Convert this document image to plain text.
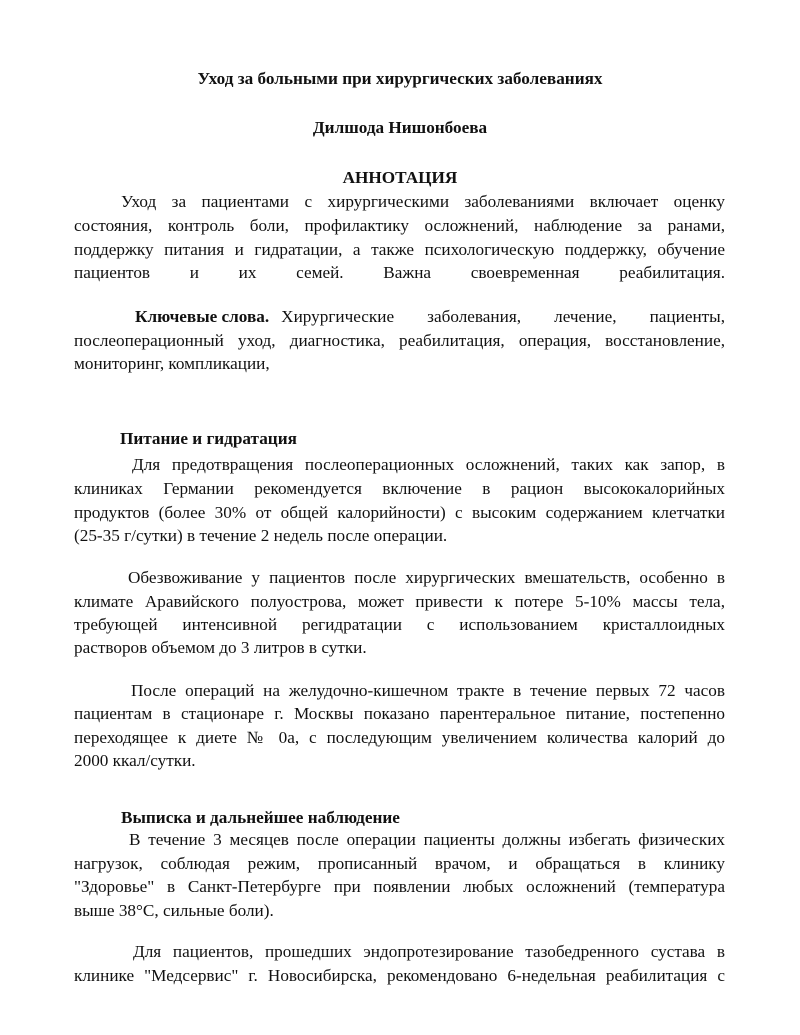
Уход за больными при хирургических заболеваниях
Дилшода Нишонбоева
АННОТАЦИЯ
Уход за пациентами с хирургическими заболеваниями включает оценку
состояния, контроль боли, профилактику осложнений, наблюдение за ранами,
поддержку питания и гидратации, а также психологическую поддержку, обучение
пациентов и их семей. Важна своевременная реабилитация.
Ключевые слова. Хирургические заболевания, лечение, пациенты,
послеоперационный уход, диагностика, реабилитация, операция, восстановление,
мониторинг, компликации,
Питание и гидратация
Для предотвращения послеоперационных осложнений, таких как запор, в
клиниках Германии рекомендуется включение в рацион высококалорийных
продуктов (более 30% от общей калорийности) с высоким содержанием клетчатки
(25-35 г/сутки) в течение 2 недель после операции.
Обезвоживание у пациентов после хирургических вмешательств, особенно в
климате Аравийского полуострова, может привести к потере 5-10% массы тела,
требующей интенсивной регидратации с использованием кристаллоидных
растворов объемом до 3 литров в сутки.
После операций на желудочно-кишечном тракте в течение первых 72 часов
пациентам в стационаре г. Москвы показано парентеральное питание, постепенно
переходящее к диете № 0а, с последующим увеличением количества калорий до
2000 ккал/сутки.
Выписка и дальнейшее наблюдение
В течение 3 месяцев после операции пациенты должны избегать физических
нагрузок, соблюдая режим, прописанный врачом, и обращаться в клинику
"Здоровье" в Санкт-Петербурге при появлении любых осложнений (температура
выше 38°C, сильные боли).
Для пациентов, прошедших эндопротезирование тазобедренного сустава в
клинике "Медсервис" г. Новосибирска, рекомендовано 6-недельная реабилитация с
